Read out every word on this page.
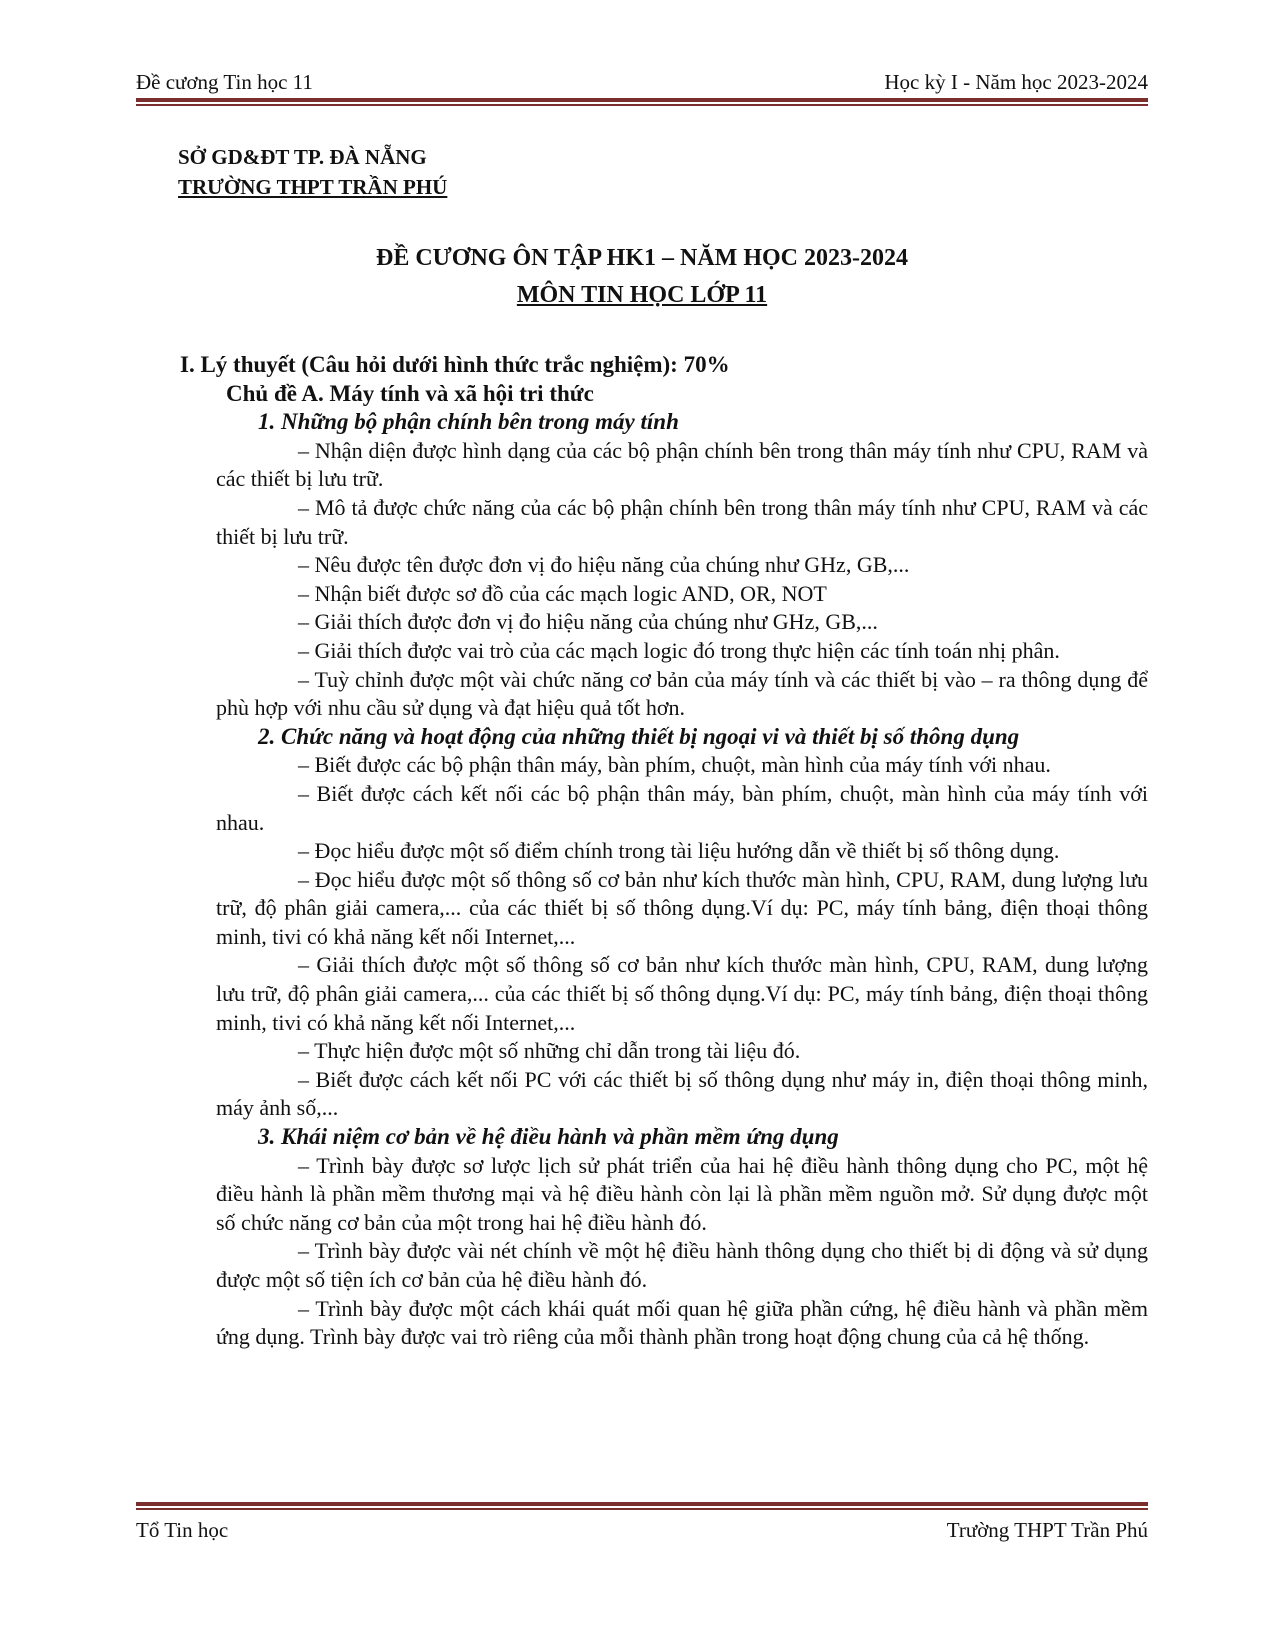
Đề cương Tin học 11	Học kỳ I - Năm học 2023-2024
SỞ GD&ĐT TP. ĐÀ NẴNG
TRƯỜNG THPT TRẦN PHÚ
ĐỀ CƯƠNG ÔN TẬP HK1 – NĂM HỌC 2023-2024
MÔN TIN HỌC LỚP 11

I. Lý thuyết (Câu hỏi dưới hình thức trắc nghiệm): 70%

Chủ đề A. Máy tính và xã hội tri thức

1. Những bộ phận chính bên trong máy tính

– Nhận diện được hình dạng của các bộ phận chính bên trong thân máy tính như CPU, RAM và các thiết bị lưu trữ.

– Mô tả được chức năng của các bộ phận chính bên trong thân máy tính như CPU, RAM và các thiết bị lưu trữ.

– Nêu được tên được đơn vị đo hiệu năng của chúng như GHz, GB,...

– Nhận biết được sơ đồ của các mạch logic AND, OR, NOT

– Giải thích được đơn vị đo hiệu năng của chúng như GHz, GB,...

– Giải thích được vai trò của các mạch logic đó trong thực hiện các tính toán nhị phân.

– Tuỳ chỉnh được một vài chức năng cơ bản của máy tính và các thiết bị vào – ra thông dụng để phù hợp với nhu cầu sử dụng và đạt hiệu quả tốt hơn.

2. Chức năng và hoạt động của những thiết bị ngoại vi và thiết bị số thông dụng

– Biết được các bộ phận thân máy, bàn phím, chuột, màn hình của máy tính với nhau.

– Biết được cách kết nối các bộ phận thân máy, bàn phím, chuột, màn hình của máy tính với nhau.

– Đọc hiểu được một số điểm chính trong tài liệu hướng dẫn về thiết bị số thông dụng.

– Đọc hiểu được một số thông số cơ bản như kích thước màn hình, CPU, RAM, dung lượng lưu trữ, độ phân giải camera,... của các thiết bị số thông dụng.Ví dụ: PC, máy tính bảng, điện thoại thông minh, tivi có khả năng kết nối Internet,...

– Giải thích được một số thông số cơ bản như kích thước màn hình, CPU, RAM, dung lượng lưu trữ, độ phân giải camera,... của các thiết bị số thông dụng.Ví dụ: PC, máy tính bảng, điện thoại thông minh, tivi có khả năng kết nối Internet,...

– Thực hiện được một số những chỉ dẫn trong tài liệu đó.

– Biết được cách kết nối PC với các thiết bị số thông dụng như máy in, điện thoại thông minh, máy ảnh số,...

3. Khái niệm cơ bản về hệ điều hành và phần mềm ứng dụng

– Trình bày được sơ lược lịch sử phát triển của hai hệ điều hành thông dụng cho PC, một hệ điều hành là phần mềm thương mại và hệ điều hành còn lại là phần mềm nguồn mở. Sử dụng được một số chức năng cơ bản của một trong hai hệ điều hành đó.

– Trình bày được vài nét chính về một hệ điều hành thông dụng cho thiết bị di động và sử dụng được một số tiện ích cơ bản của hệ điều hành đó.

– Trình bày được một cách khái quát mối quan hệ giữa phần cứng, hệ điều hành và phần mềm ứng dụng. Trình bày được vai trò riêng của mỗi thành phần trong hoạt động chung của cả hệ thống.

Tổ Tin học	Trường THPT Trần Phú
